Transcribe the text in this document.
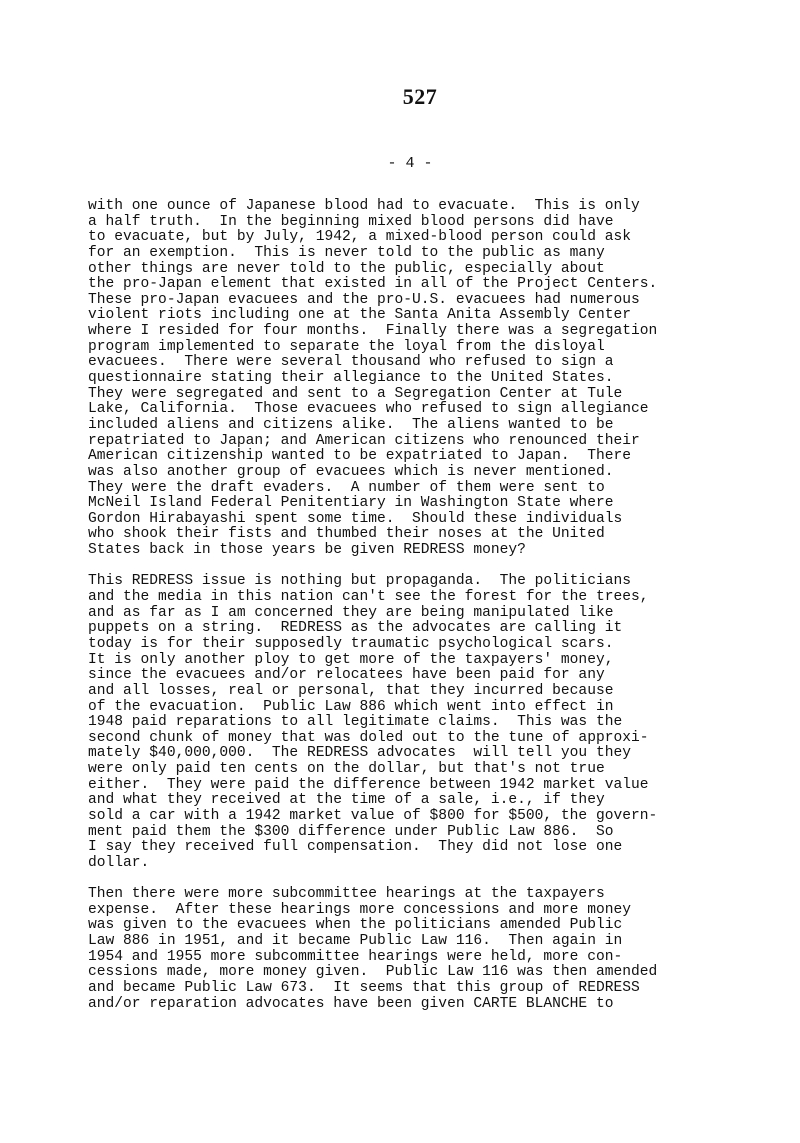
527
- 4 -
with one ounce of Japanese blood had to evacuate.  This is only
a half truth.  In the beginning mixed blood persons did have
to evacuate, but by July, 1942, a mixed-blood person could ask
for an exemption.  This is never told to the public as many
other things are never told to the public, especially about
the pro-Japan element that existed in all of the Project Centers.
These pro-Japan evacuees and the pro-U.S. evacuees had numerous
violent riots including one at the Santa Anita Assembly Center
where I resided for four months.  Finally there was a segregation
program implemented to separate the loyal from the disloyal
evacuees.  There were several thousand who refused to sign a
questionnaire stating their allegiance to the United States.
They were segregated and sent to a Segregation Center at Tule
Lake, California.  Those evacuees who refused to sign allegiance
included aliens and citizens alike.  The aliens wanted to be
repatriated to Japan; and American citizens who renounced their
American citizenship wanted to be expatriated to Japan.  There
was also another group of evacuees which is never mentioned.
They were the draft evaders.  A number of them were sent to
McNeil Island Federal Penitentiary in Washington State where
Gordon Hirabayashi spent some time.  Should these individuals
who shook their fists and thumbed their noses at the United
States back in those years be given REDRESS money?
This REDRESS issue is nothing but propaganda.  The politicians
and the media in this nation can't see the forest for the trees,
and as far as I am concerned they are being manipulated like
puppets on a string.  REDRESS as the advocates are calling it
today is for their supposedly traumatic psychological scars.
It is only another ploy to get more of the taxpayers' money,
since the evacuees and/or relocatees have been paid for any
and all losses, real or personal, that they incurred because
of the evacuation.  Public Law 886 which went into effect in
1948 paid reparations to all legitimate claims.  This was the
second chunk of money that was doled out to the tune of approxi-
mately $40,000,000.  The REDRESS advocates  will tell you they
were only paid ten cents on the dollar, but that's not true
either.  They were paid the difference between 1942 market value
and what they received at the time of a sale, i.e., if they
sold a car with a 1942 market value of $800 for $500, the govern-
ment paid them the $300 difference under Public Law 886.  So
I say they received full compensation.  They did not lose one
dollar.
Then there were more subcommittee hearings at the taxpayers
expense.  After these hearings more concessions and more money
was given to the evacuees when the politicians amended Public
Law 886 in 1951, and it became Public Law 116.  Then again in
1954 and 1955 more subcommittee hearings were held, more con-
cessions made, more money given.  Public Law 116 was then amended
and became Public Law 673.  It seems that this group of REDRESS
and/or reparation advocates have been given CARTE BLANCHE to
